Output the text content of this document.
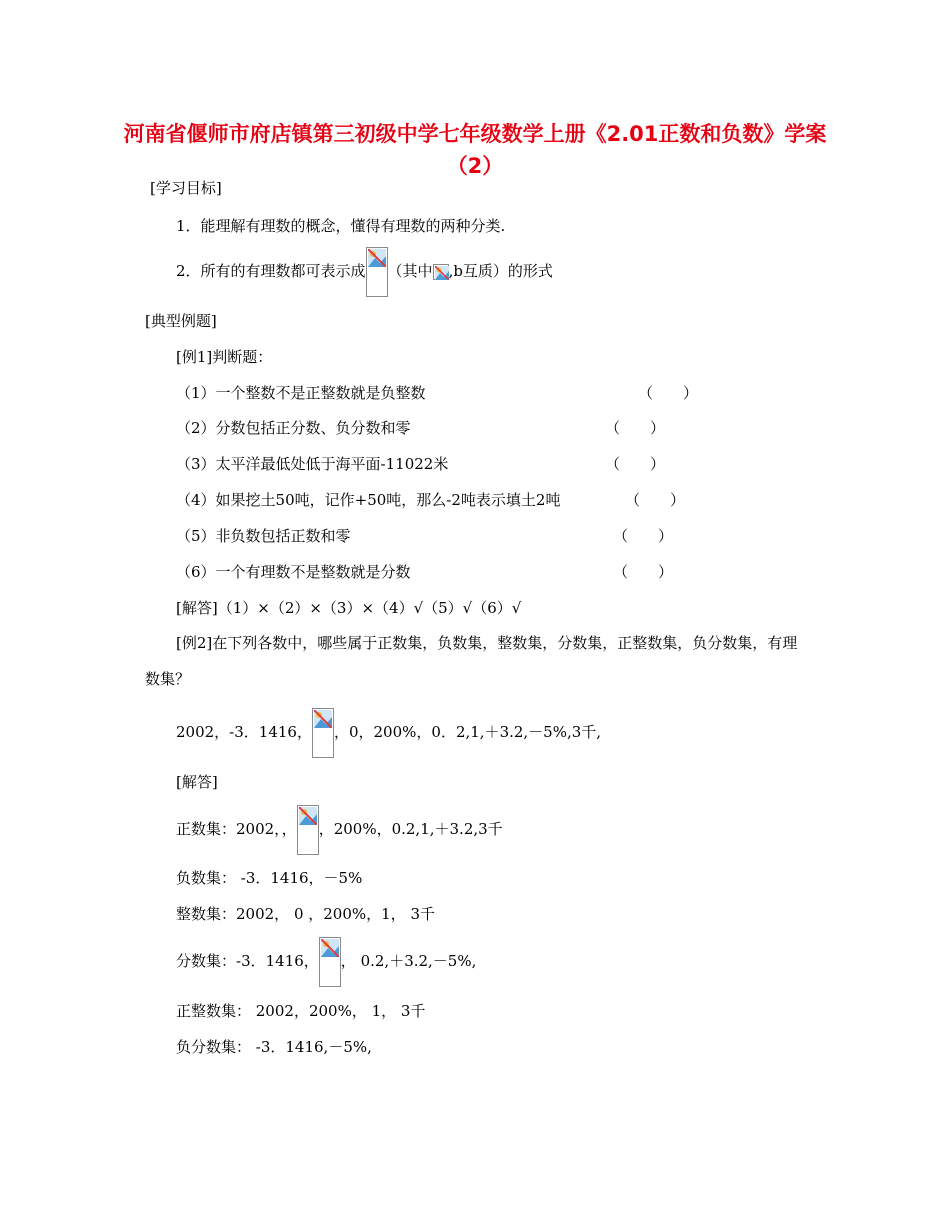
河南省偃师市府店镇第三初级中学七年级数学上册《2.01正数和负数》学案（2）
[学习目标]
1．能理解有理数的概念，懂得有理数的两种分类.
2．所有的有理数都可表示成 （其中 ,b互质）的形式
[典型例题]
[例1]判断题：
（1）一个整数不是正整数就是负整数	（　　）
（2）分数包括正分数、负分数和零	（　　）
（3）太平洋最低处低于海平面-11022米	（　　）
（4）如果挖土50吨，记作+50吨，那么-2吨表示填土2吨	（　　）
（5）非负数包括正数和零	（　　）
（6）一个有理数不是整数就是分数	（　　）
[解答]（1）×（2）×（3）×（4）√（5）√（6）√
[例2]在下列各数中，哪些属于正数集，负数集，整数集，分数集，正整数集，负分数集，有理数集？
2002，-3．1416， ，0，200%，0．2,1,＋3.2,－5%,3千,
[解答]
正数集：2002，， ，200%，0.2,1,＋3.2,3千
负数集： -3．1416，－5%
整数集：2002， 0 ，200%，1， 3千
分数集：-3．1416， ， 0.2,＋3.2,－5%,
正整数集： 2002，200%， 1， 3千
负分数集： -3．1416,－5%,
